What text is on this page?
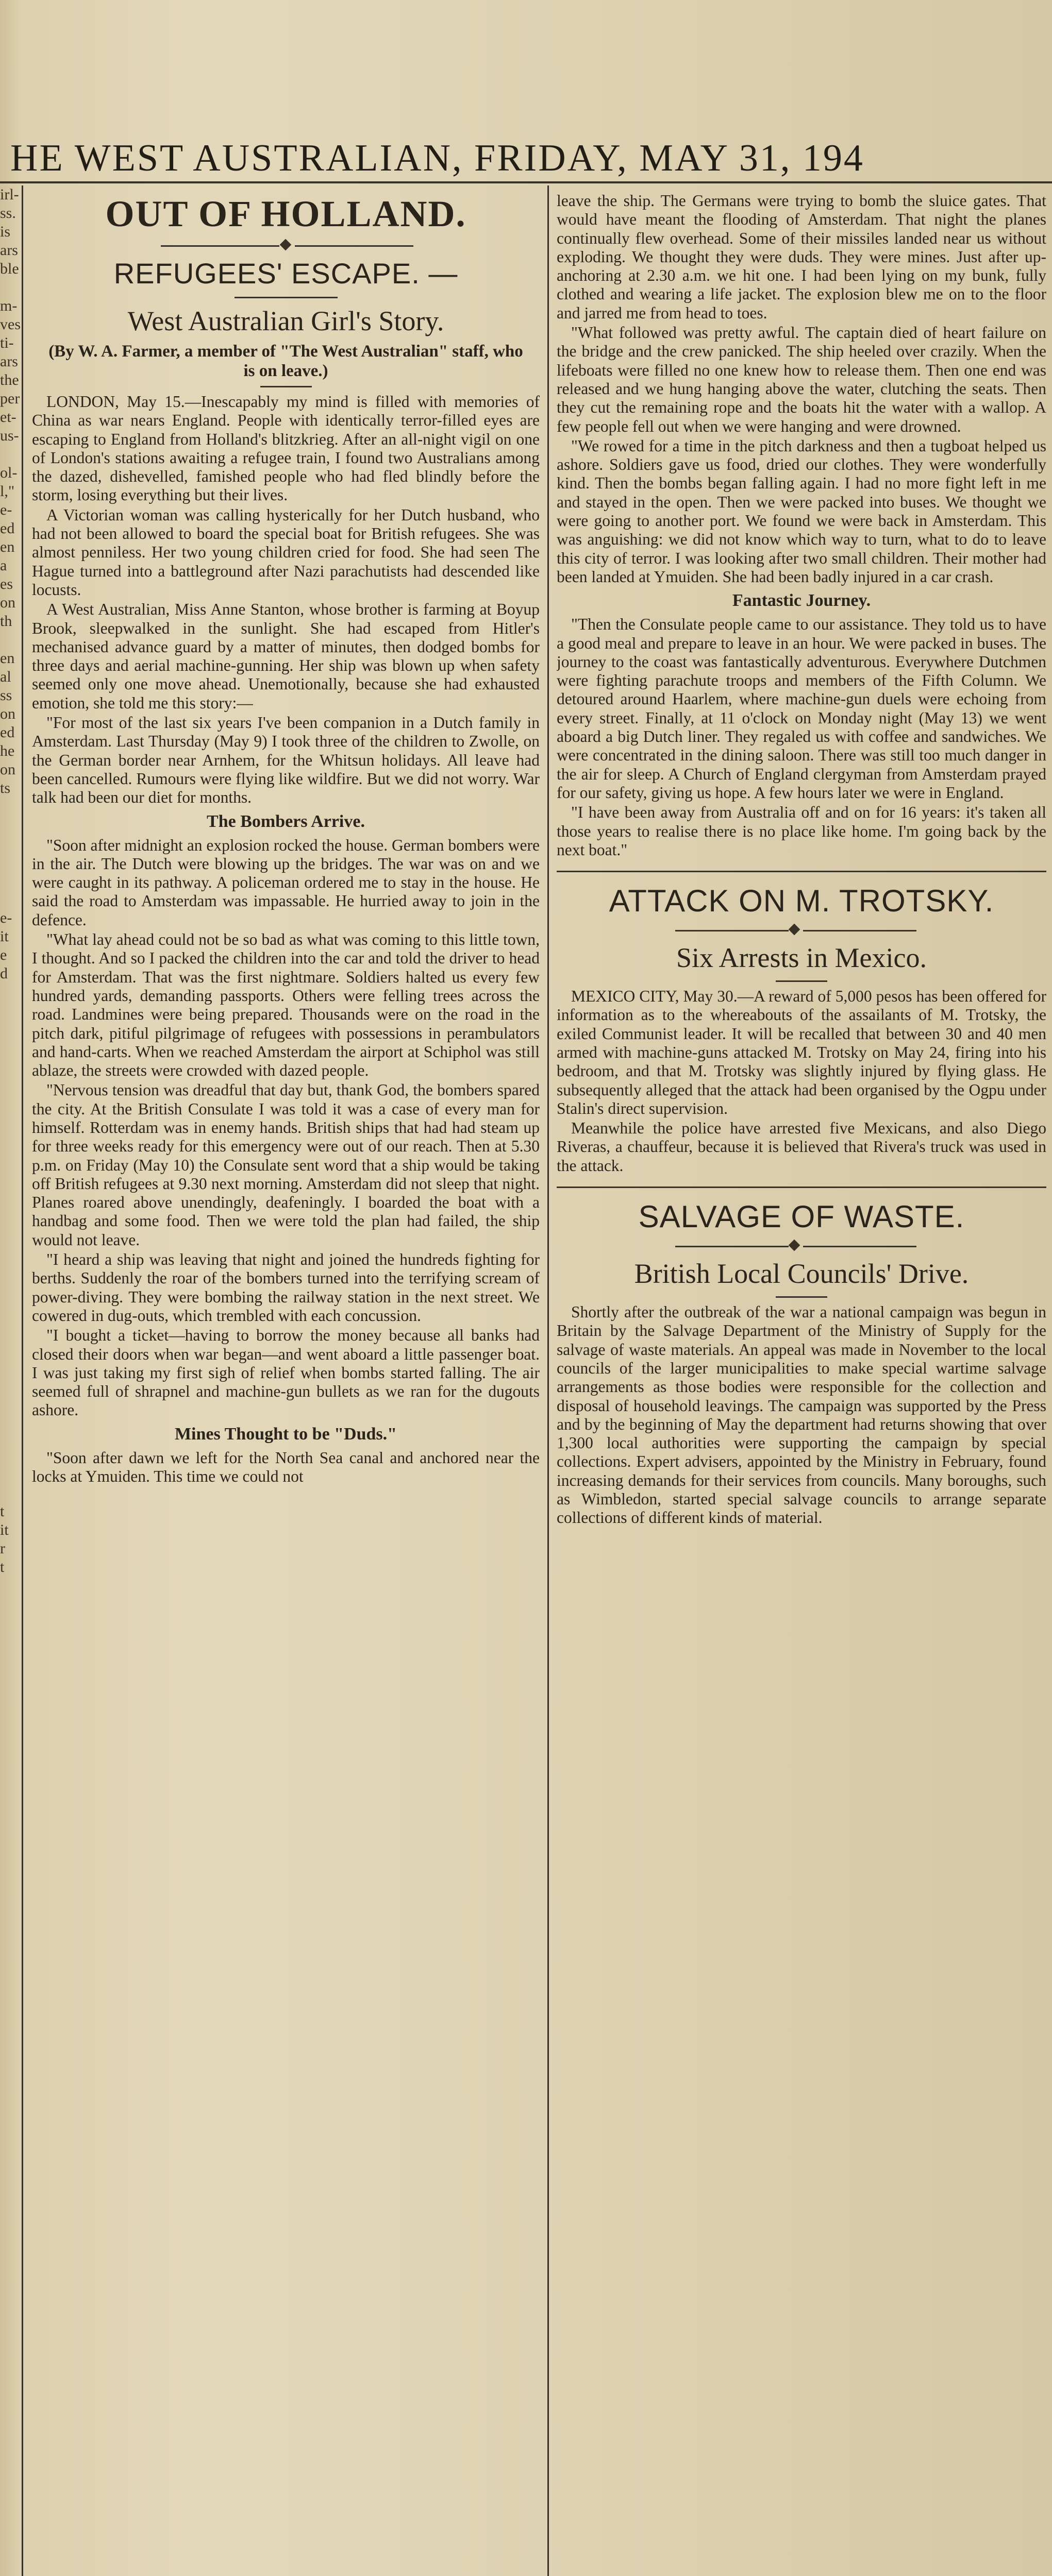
HE WEST AUSTRALIAN, FRIDAY, MAY 31, 194
irl-
ss.
is
ars
ble

m-
ves
ti-
ars
the
per
et-
us-

ol-
l,"
e-
ed
en
a
es
on
th

en
al
ss
on
ed
he
on
ts

e-
it
e
d

t
it
r
t
OUT OF HOLLAND.
REFUGEES' ESCAPE. —
West Australian Girl's Story.
(By W. A. Farmer, a member of "The West Australian" staff, who is on leave.)

LONDON, May 15.—Inescapably my mind is filled with memories of China as war nears England. People with identically terror-filled eyes are escaping to England from Holland's blitzkrieg. After an all-night vigil on one of London's stations awaiting a refugee train, I found two Australians among the dazed, dishevelled, famished people who had fled blindly before the storm, losing everything but their lives.

A Victorian woman was calling hysterically for her Dutch husband, who had not been allowed to board the special boat for British refugees. She was almost penniless. Her two young children cried for food. She had seen The Hague turned into a battleground after Nazi parachutists had descended like locusts.

A West Australian, Miss Anne Stanton, whose brother is farming at Boyup Brook, sleepwalked in the sunlight. She had escaped from Hitler's mechanised advance guard by a matter of minutes, then dodged bombs for three days and aerial machine-gunning. Her ship was blown up when safety seemed only one move ahead. Unemotionally, because she had exhausted emotion, she told me this story:—

"For most of the last six years I've been companion in a Dutch family in Amsterdam. Last Thursday (May 9) I took three of the children to Zwolle, on the German border near Arnhem, for the Whitsun holidays. All leave had been cancelled. Rumours were flying like wildfire. But we did not worry. War talk had been our diet for months.

The Bombers Arrive.

"Soon after midnight an explosion rocked the house. German bombers were in the air. The Dutch were blowing up the bridges. The war was on and we were caught in its pathway. A policeman ordered me to stay in the house. He said the road to Amsterdam was impassable. He hurried away to join in the defence.

"What lay ahead could not be so bad as what was coming to this little town, I thought. And so I packed the children into the car and told the driver to head for Amsterdam. That was the first nightmare. Soldiers halted us every few hundred yards, demanding passports. Others were felling trees across the road. Landmines were being prepared. Thousands were on the road in the pitch dark, pitiful pilgrimage of refugees with possessions in perambulators and hand-carts. When we reached Amsterdam the airport at Schiphol was still ablaze, the streets were crowded with dazed people.

"Nervous tension was dreadful that day but, thank God, the bombers spared the city. At the British Consulate I was told it was a case of every man for himself. Rotterdam was in enemy hands. British ships that had had steam up for three weeks ready for this emergency were out of our reach. Then at 5.30 p.m. on Friday (May 10) the Consulate sent word that a ship would be taking off British refugees at 9.30 next morning. Amsterdam did not sleep that night. Planes roared above unendingly, deafeningly. I boarded the boat with a handbag and some food. Then we were told the plan had failed, the ship would not leave.

"I heard a ship was leaving that night and joined the hundreds fighting for berths. Suddenly the roar of the bombers turned into the terrifying scream of power-diving. They were bombing the railway station in the next street. We cowered in dug-outs, which trembled with each concussion.

"I bought a ticket—having to borrow the money because all banks had closed their doors when war began—and went aboard a little passenger boat. I was just taking my first sigh of relief when bombs started falling. The air seemed full of shrapnel and machine-gun bullets as we ran for the dugouts ashore.

Mines Thought to be "Duds."

"Soon after dawn we left for the North Sea canal and anchored near the locks at Ymuiden. This time we could not

leave the ship. The Germans were trying to bomb the sluice gates. That would have meant the flooding of Amsterdam. That night the planes continually flew overhead. Some of their missiles landed near us without exploding. We thought they were duds. They were mines. Just after up-anchoring at 2.30 a.m. we hit one. I had been lying on my bunk, fully clothed and wearing a life jacket. The explosion blew me on to the floor and jarred me from head to toes.

"What followed was pretty awful. The captain died of heart failure on the bridge and the crew panicked. The ship heeled over crazily. When the lifeboats were filled no one knew how to release them. Then one end was released and we hung hanging above the water, clutching the seats. Then they cut the remaining rope and the boats hit the water with a wallop. A few people fell out when we were hanging and were drowned.

"We rowed for a time in the pitch darkness and then a tugboat helped us ashore. Soldiers gave us food, dried our clothes. They were wonderfully kind. Then the bombs began falling again. I had no more fight left in me and stayed in the open. Then we were packed into buses. We thought we were going to another port. We found we were back in Amsterdam. This was anguishing: we did not know which way to turn, what to do to leave this city of terror. I was looking after two small children. Their mother had been landed at Ymuiden. She had been badly injured in a car crash.

Fantastic Journey.

"Then the Consulate people came to our assistance. They told us to have a good meal and prepare to leave in an hour. We were packed in buses. The journey to the coast was fantastically adventurous. Everywhere Dutchmen were fighting parachute troops and members of the Fifth Column. We detoured around Haarlem, where machine-gun duels were echoing from every street. Finally, at 11 o'clock on Monday night (May 13) we went aboard a big Dutch liner. They regaled us with coffee and sandwiches. We were concentrated in the dining saloon. There was still too much danger in the air for sleep. A Church of England clergyman from Amsterdam prayed for our safety, giving us hope. A few hours later we were in England.

"I have been away from Australia off and on for 16 years: it's taken all those years to realise there is no place like home. I'm going back by the next boat."

ATTACK ON M. TROTSKY.
Six Arrests in Mexico.

MEXICO CITY, May 30.—A reward of 5,000 pesos has been offered for information as to the whereabouts of the assailants of M. Trotsky, the exiled Communist leader. It will be recalled that between 30 and 40 men armed with machine-guns attacked M. Trotsky on May 24, firing into his bedroom, and that M. Trotsky was slightly injured by flying glass. He subsequently alleged that the attack had been organised by the Ogpu under Stalin's direct supervision.

Meanwhile the police have arrested five Mexicans, and also Diego Riveras, a chauffeur, because it is believed that Rivera's truck was used in the attack.

SALVAGE OF WASTE.
British Local Councils' Drive.

Shortly after the outbreak of the war a national campaign was begun in Britain by the Salvage Department of the Ministry of Supply for the salvage of waste materials. An appeal was made in November to the local councils of the larger municipalities to make special wartime salvage arrangements as those bodies were responsible for the collection and disposal of household leavings. The campaign was supported by the Press and by the beginning of May the department had returns showing that over 1,300 local authorities were supporting the campaign by special collections. Expert advisers, appointed by the Ministry in February, found increasing demands for their services from councils. Many boroughs, such as Wimbledon, started special salvage councils to arrange separate collections of different kinds of material.
